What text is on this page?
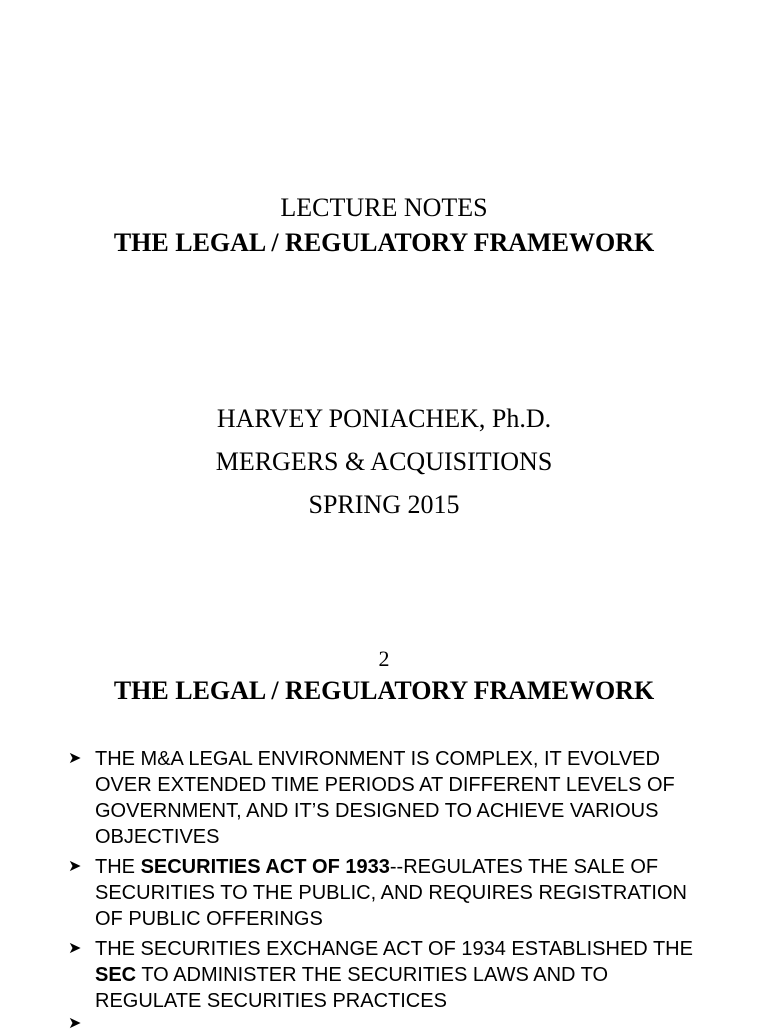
LECTURE NOTES
THE LEGAL / REGULATORY FRAMEWORK
HARVEY PONIACHEK, Ph.D.
MERGERS & ACQUISITIONS
SPRING 2015
2
THE LEGAL / REGULATORY FRAMEWORK
➤ THE M&A LEGAL ENVIRONMENT IS COMPLEX, IT EVOLVED OVER EXTENDED TIME PERIODS AT DIFFERENT LEVELS OF GOVERNMENT, AND IT’S DESIGNED TO ACHIEVE VARIOUS OBJECTIVES
➤ THE SECURITIES ACT OF 1933--REGULATES THE SALE OF SECURITIES TO THE PUBLIC, AND REQUIRES REGISTRATION OF PUBLIC OFFERINGS
➤ THE SECURITIES EXCHANGE ACT OF 1934 ESTABLISHED THE SEC TO ADMINISTER THE SECURITIES LAWS AND TO REGULATE SECURITIES PRACTICES
➤
